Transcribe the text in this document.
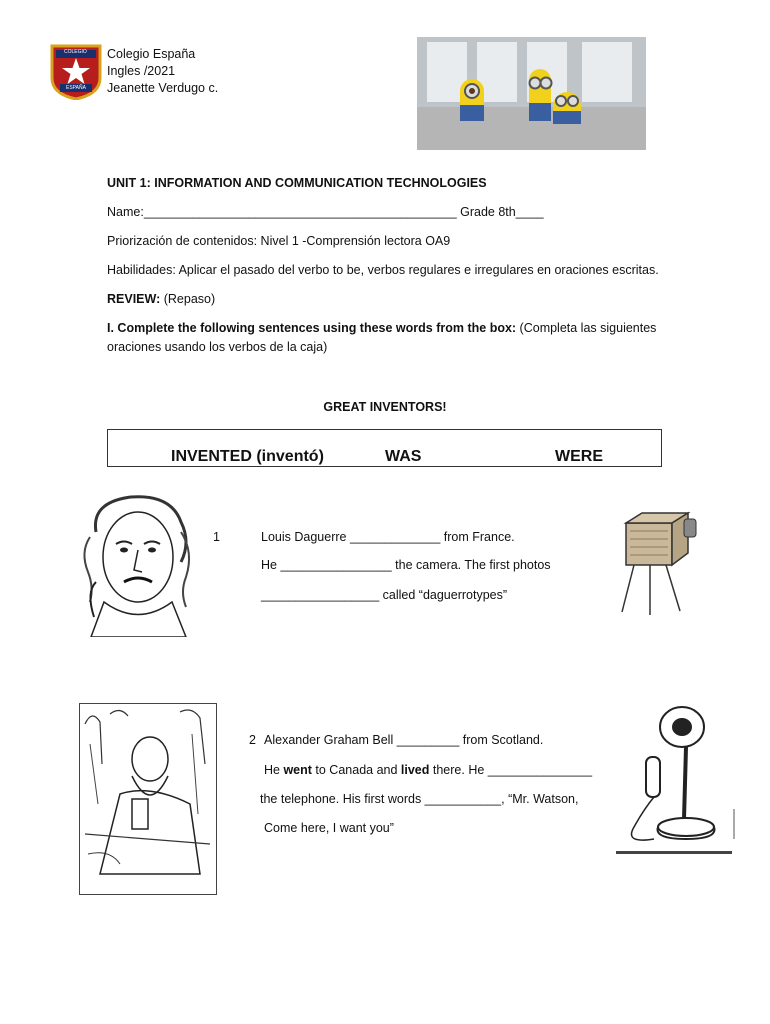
COLEGIO
ESPAÑA
Colegio España
Ingles /2021
Jeanette Verdugo c.
UNIT 1: INFORMATION AND COMMUNICATION TECHNOLOGIES
Name:_____________________________________________ Grade 8th____
Priorización de contenidos: Nivel 1 -Comprensión lectora OA9
Habilidades: Aplicar el pasado del verbo to be, verbos regulares e irregulares en oraciones escritas.
REVIEW: (Repaso)
I. Complete the following sentences using these words from the box: (Completa las siguientes
oraciones usando los verbos de la caja)
GREAT INVENTORS!
INVENTED (inventó)	WAS	WERE
1	Louis Daguerre _____________ from France.
He ________________ the camera. The first photos
_________________ called “daguerrotypes”
2 Alexander Graham Bell _________ from Scotland.
He went to Canada and lived there. He _______________
the telephone. His first words ___________, “Mr. Watson,
Come here, I want you”
